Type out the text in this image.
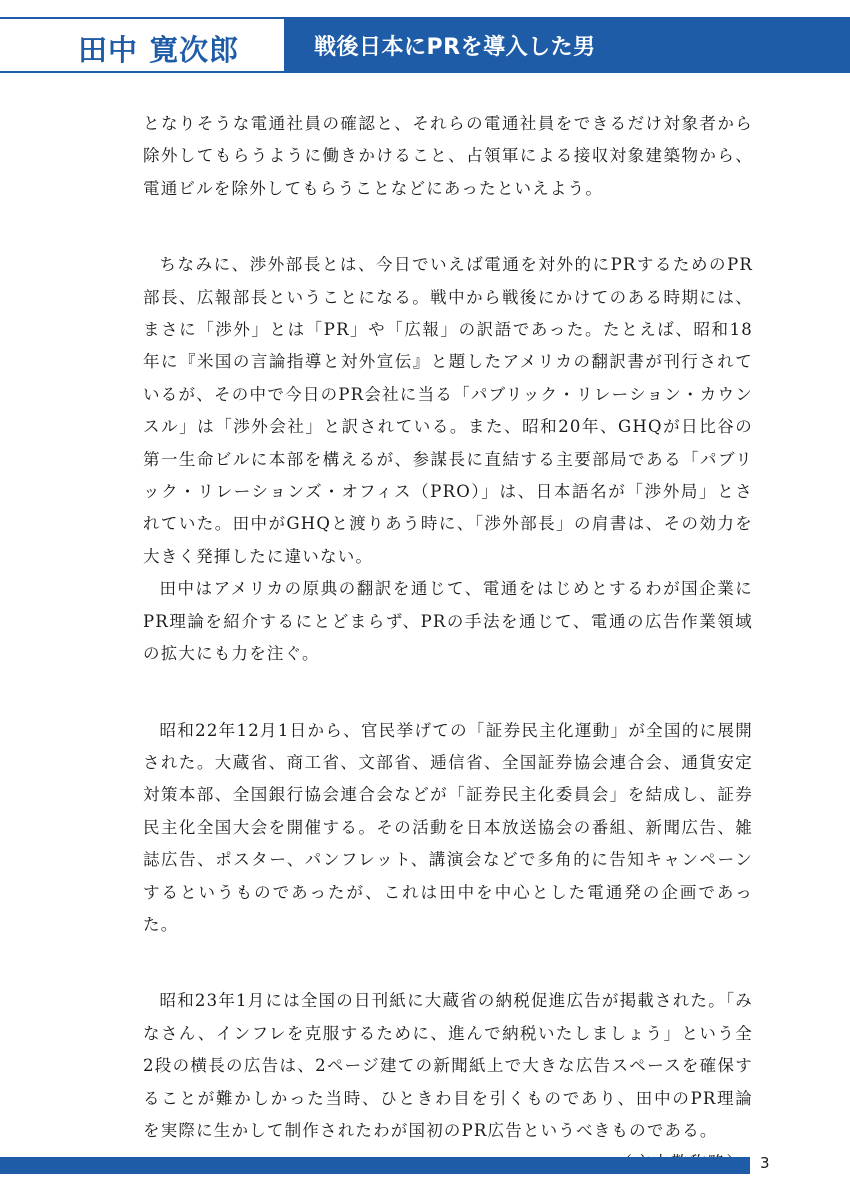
田中 寛次郎	戦後日本にPRを導入した男

となりそうな電通社員の確認と、それらの電通社員をできるだけ対象者から除外してもらうように働きかけること、占領軍による接収対象建築物から、電通ビルを除外してもらうことなどにあったといえよう。

ちなみに、渉外部長とは、今日でいえば電通を対外的にPRするためのPR部長、広報部長ということになる。戦中から戦後にかけてのある時期には、まさに「渉外」とは「PR」や「広報」の訳語であった。たとえば、昭和18年に『米国の言論指導と対外宣伝』と題したアメリカの翻訳書が刊行されているが、その中で今日のPR会社に当る「パブリック・リレーション・カウンスル」は「渉外会社」と訳されている。また、昭和20年、GHQが日比谷の第一生命ビルに本部を構えるが、参謀長に直結する主要部局である「パブリック・リレーションズ・オフィス（PRO）」は、日本語名が「渉外局」とされていた。田中がGHQと渡りあう時に、「渉外部長」の肩書は、その効力を大きく発揮したに違いない。

田中はアメリカの原典の翻訳を通じて、電通をはじめとするわが国企業にPR理論を紹介するにとどまらず、PRの手法を通じて、電通の広告作業領域の拡大にも力を注ぐ。

昭和22年12月1日から、官民挙げての「証券民主化運動」が全国的に展開された。大蔵省、商工省、文部省、逓信省、全国証券協会連合会、通貨安定対策本部、全国銀行協会連合会などが「証券民主化委員会」を結成し、証券民主化全国大会を開催する。その活動を日本放送協会の番組、新聞広告、雑誌広告、ポスター、パンフレット、講演会などで多角的に告知キャンペーンするというものであったが、これは田中を中心とした電通発の企画であった。

昭和23年1月には全国の日刊紙に大蔵省の納税促進広告が掲載された。「みなさん、インフレを克服するために、進んで納税いたしましょう」という全2段の横長の広告は、2ページ建ての新聞紙上で大きな広告スペースを確保することが難かしかった当時、ひときわ目を引くものであり、田中のPR理論を実際に生かして制作されたわが国初のPR広告というべきものである。

3
